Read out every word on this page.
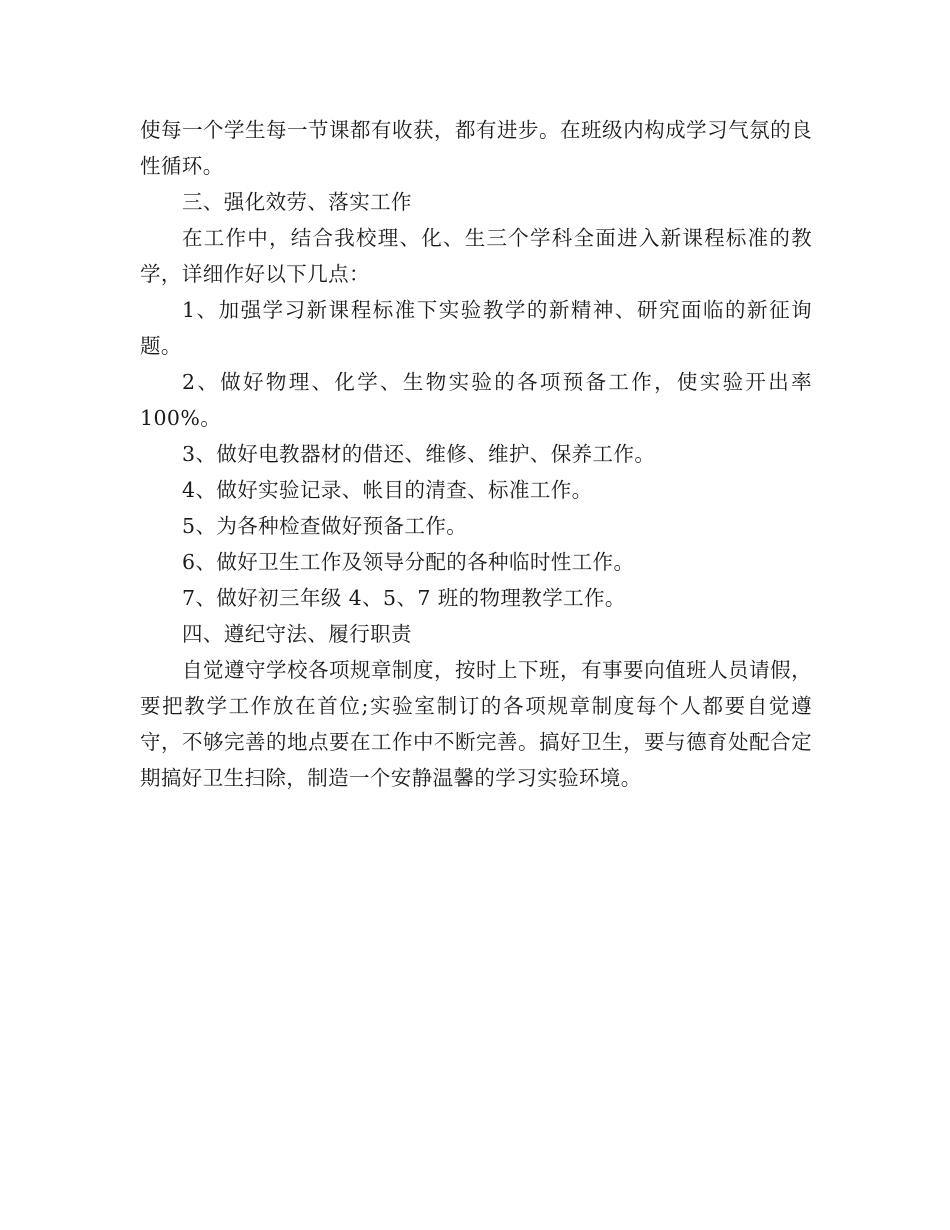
使每一个学生每一节课都有收获，都有进步。在班级内构成学习气氛的良性循环。

三、强化效劳、落实工作

在工作中，结合我校理、化、生三个学科全面进入新课程标准的教学，详细作好以下几点：

1、加强学习新课程标准下实验教学的新精神、研究面临的新征询题。

2、做好物理、化学、生物实验的各项预备工作，使实验开出率100%。

3、做好电教器材的借还、维修、维护、保养工作。

4、做好实验记录、帐目的清查、标准工作。

5、为各种检查做好预备工作。

6、做好卫生工作及领导分配的各种临时性工作。

7、做好初三年级 4、5、7 班的物理教学工作。

四、遵纪守法、履行职责

自觉遵守学校各项规章制度，按时上下班，有事要向值班人员请假，要把教学工作放在首位;实验室制订的各项规章制度每个人都要自觉遵守，不够完善的地点要在工作中不断完善。搞好卫生，要与德育处配合定期搞好卫生扫除，制造一个安静温馨的学习实验环境。
